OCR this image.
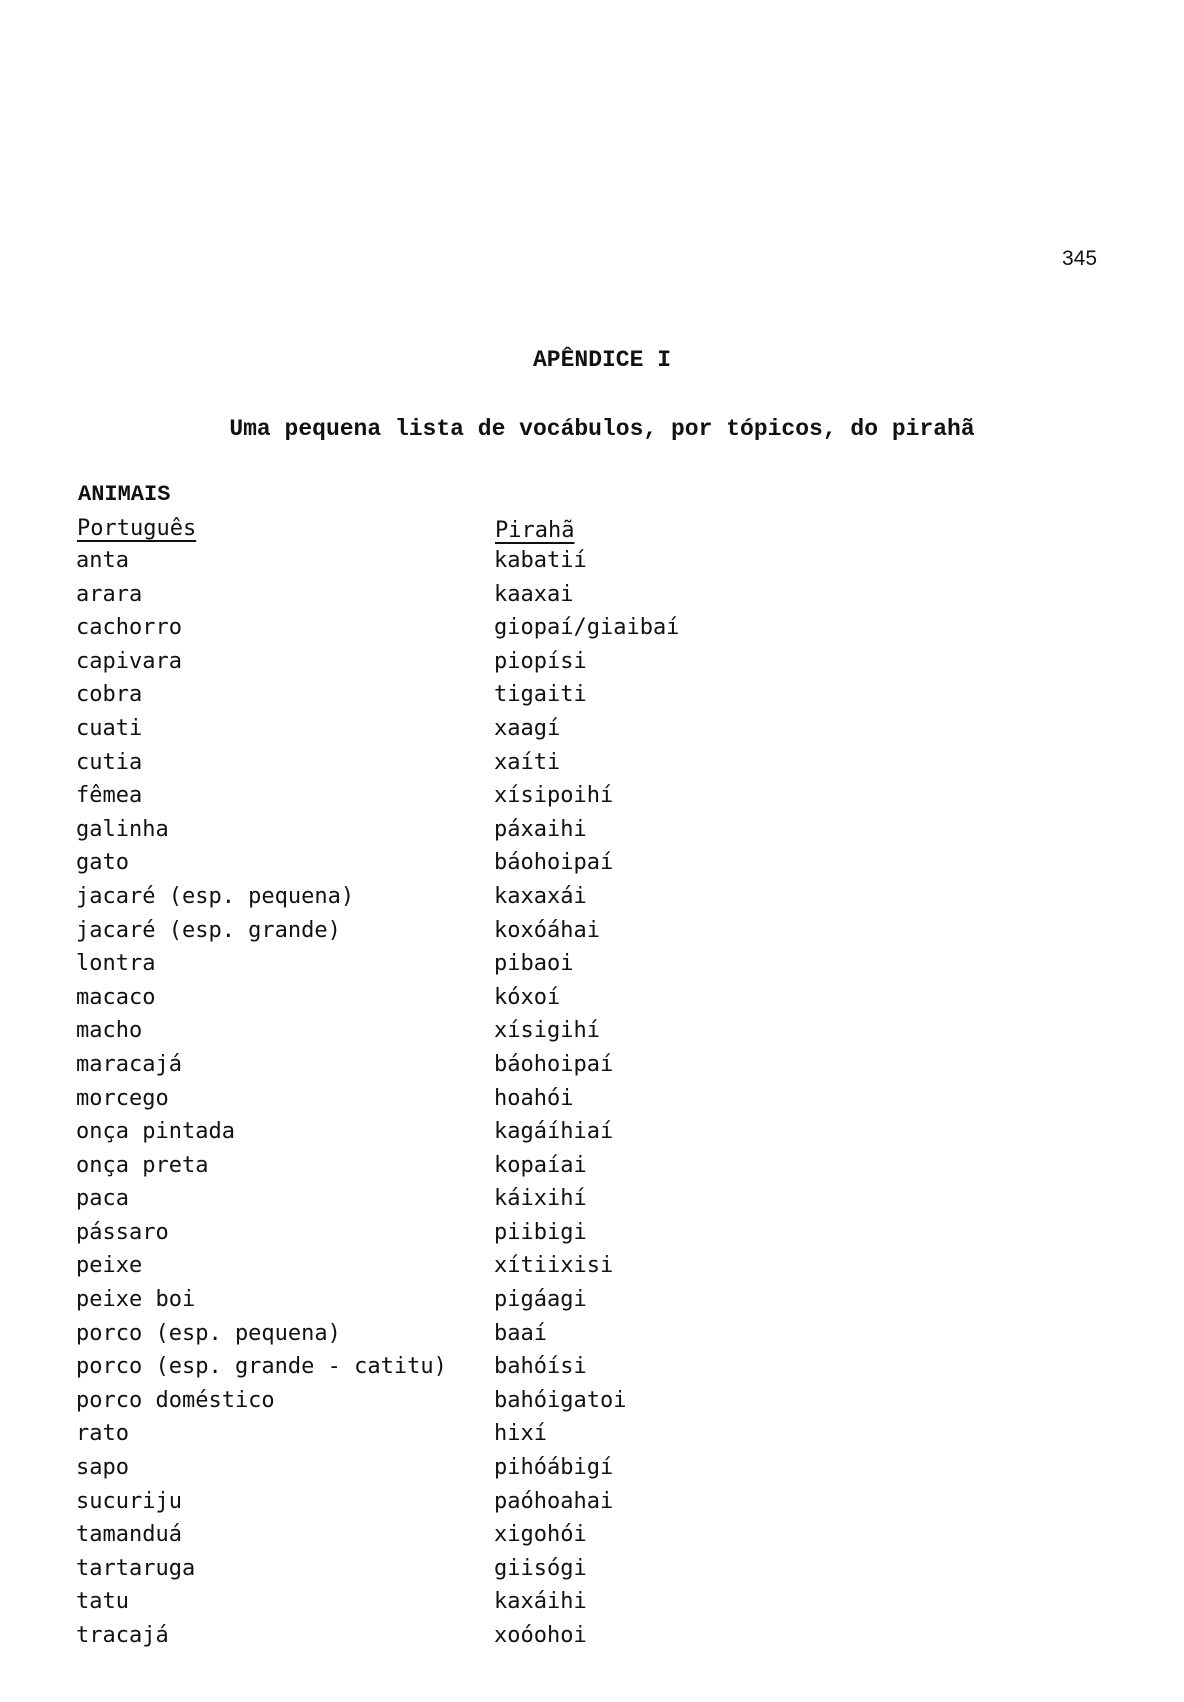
345
APÊNDICE I
Uma pequena lista de vocábulos, por tópicos, do pirahã
ANIMAIS
Português	Pirahã
anta	kabatií
arara	kaaxai
cachorro	giopaí/giaibaí
capivara	piopísi
cobra	tigaiti
cuati	xaagí
cutia	xaíti
fêmea	xísipoihí
galinha	páxaihi
gato	báohoipaí
jacaré (esp. pequena)	kaxaxái
jacaré (esp. grande)	koxóáhai
lontra	pibaoi
macaco	kóxoí
macho	xísigihí
maracajá	báohoipaí
morcego	hoahói
onça pintada	kagáíhiaí
onça preta	kopaíai
paca	káixihí
pássaro	piibigi
peixe	xítiixisi
peixe boi	pigáagi
porco (esp. pequena)	baaí
porco (esp. grande - catitu) bahóísi
porco doméstico	bahóigatoi
rato	hixí
sapo	pihóábigí
sucuriju	paóhoahai
tamanduá	xigohói
tartaruga	giisógi
tatu	kaxáihi
tracajá	xoóohoi
